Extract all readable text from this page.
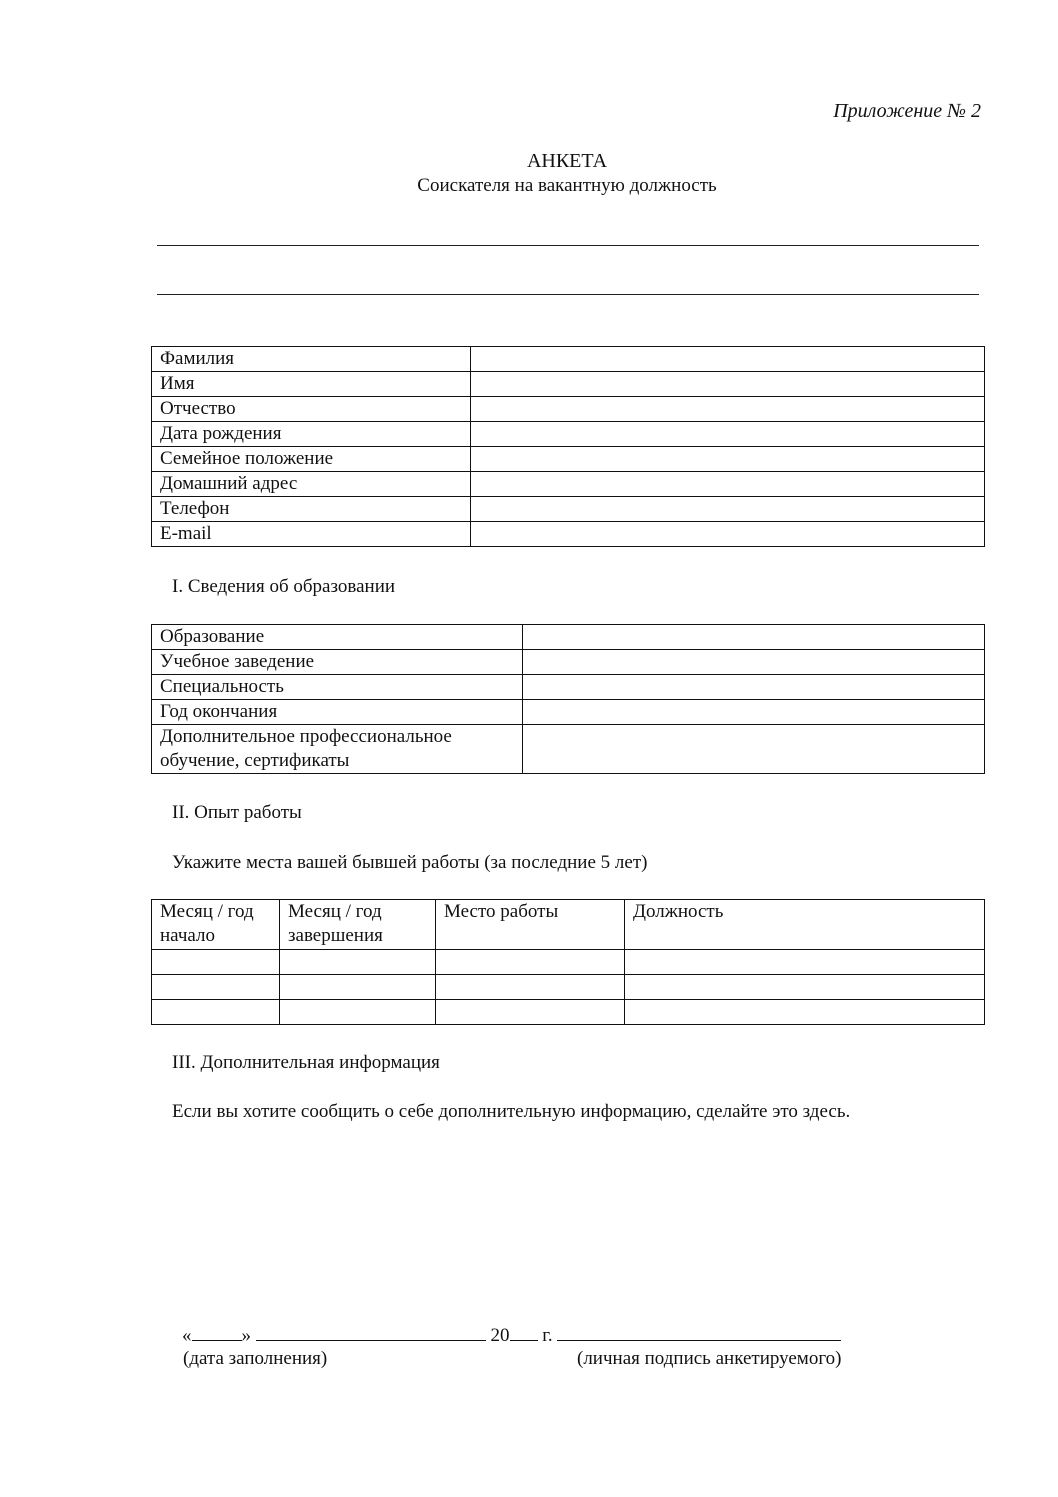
Приложение № 2
АНКЕТА
Соискателя на вакантную должность
Фамилия	
Имя	
Отчество	
Дата рождения	
Семейное положение	
Домашний адрес	
Телефон	
E-mail	
I. Сведения об образовании
Образование	
Учебное заведение	
Специальность	
Год окончания	
Дополнительное профессиональное обучение, сертификаты	
II. Опыт работы
Укажите места вашей бывшей работы (за последние 5 лет)
Месяц / год начало	Месяц / год завершения	Место работы	Должность

III. Дополнительная информация
Если вы хотите сообщить о себе дополнительную информацию, сделайте это здесь.
«	»	20 г.
(дата заполнения)	(личная подпись анкетируемого)
